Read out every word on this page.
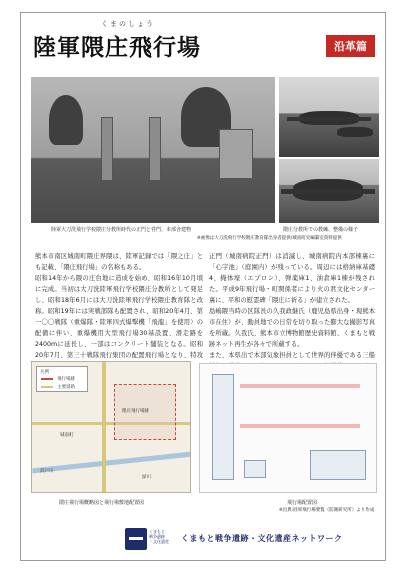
くまのしょう
陸軍隈庄飛行場	沿革篇
陸軍大刀洗飛行学校隈庄分教所時代の正門と営門、本部舎建物	隈庄分教所での教練、整備の様子
※画像は大刀洗飛行学校隈庄教育隊出身者提供/城南町史編纂室資料提供

熊本市南区城南町隈庄界隈は、陸軍記録では「隈之庄」とも記載、「隈庄飛行場」の名称もある。

昭和14年から隈の庄台地に造成を始め、昭和16年10月頃に完成。当初は大刀洗陸軍飛行学校隈庄分教所として発足し、昭和18年6月には大刀洗陸軍飛行学校隈庄教育隊と改称。昭和19年には実戦部隊も配置され、昭和20年4月、第一〇〇戦隊（重爆隊・陸軍四式爆撃機「飛龍」を使用）の配備に伴い、重爆機用大型飛行場30基設置、滑走路を2400mに延長し、一部はコンクリート舗装となる。昭和20年7月、第三十戦隊飛行集団の配置飛行場となり、特攻

正門（城南病院正門）は消滅し、城南病院内本部棟裏に「心字池」（庭園内）が残っている。周辺には格納庫基礎4、掩体壕（エプロン）、弾薬庫1、油倉庫1棟が残された。平成9年飛行場・町関係者により火の君文化センター裏に、平和の慰霊碑「隈庄に祈る」が建立された。

島嶋隈当時の区隊長の久我政継氏（鹿児島県出身・現熊本市在住）が、動員地での日常を切り取った膨大な撮影写真を所蔵。久我氏、熊本市立博物館歴史資料館、くまもと戦跡ネット再生が各々で所蔵する。

また、本県出で本部気象担員として世界的伴優である三船

凡例
飛行場跡
主要道路
隈庄飛行場跡
城南町
浜戸川
緑川
隈庄飛行場概略図と飛行場敷地配置図	飛行場配置図
※出典:陸軍飛行場要覧（防衛研究所）より作成
くまもと
戦争遺跡
・文化遺産 くまもと戦争遺跡・文化遺産ネットワーク
